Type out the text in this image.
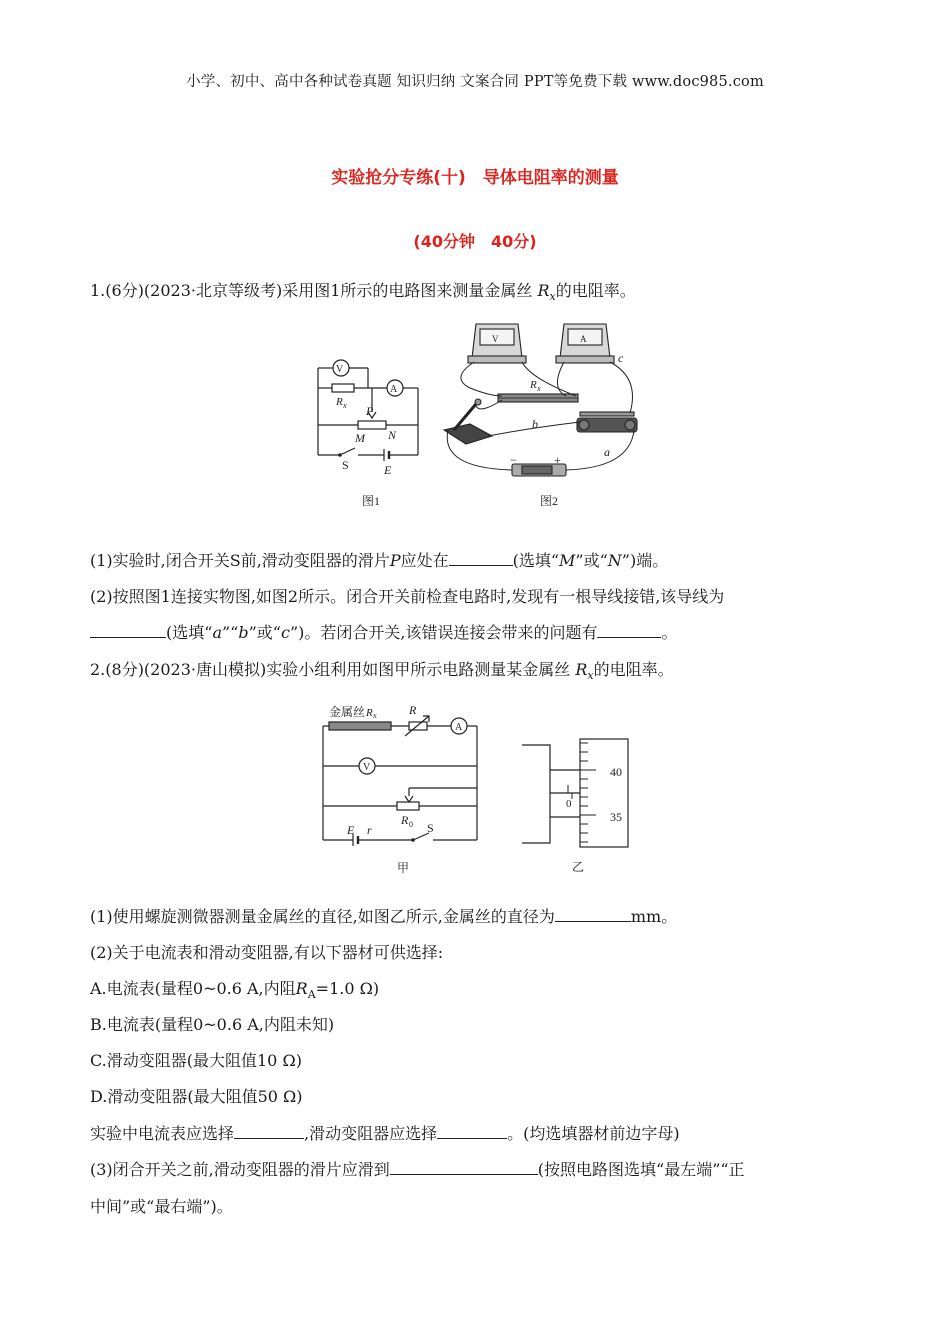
小学、初中、高中各种试卷真题 知识归纳 文案合同 PPT等免费下载 www.doc985.com
实验抢分专练(十)　导体电阻率的测量
(40分钟　40分)
1.(6分)(2023·北京等级考)采用图1所示的电路图来测量金属丝 $R_x$的电阻率。
V
A
R x P
M N
S	E
图1
V	A
R x
c
b
a
−	+
图2
(1)实验时,闭合开关S前,滑动变阻器的滑片P应处在	(选填“M”或“N”)端。
(2)按照图1连接实物图,如图2所示。闭合开关前检查电路时,发现有一根导线接错,该导线为
(选填“a”“b”或“c”)。若闭合开关,该错误连接会带来的问题有	。
2.(8分)(2023·唐山模拟)实验小组利用如图甲所示电路测量某金属丝 $R_x$的电阻率。
金属丝 R x	R
A
V
R 0
E r	S
甲
40
35
0
乙
(1)使用螺旋测微器测量金属丝的直径,如图乙所示,金属丝的直径为	mm。
(2)关于电流表和滑动变阻器,有以下器材可供选择:
A.电流表(量程0~0.6 A,内阻$R_A=1.0$ Ω)
B.电流表(量程0~0.6 A,内阻未知)
C.滑动变阻器(最大阻值10 Ω)
D.滑动变阻器(最大阻值50 Ω)
实验中电流表应选择	,滑动变阻器应选择	。(均选填器材前边字母)
(3)闭合开关之前,滑动变阻器的滑片应滑到	(按照电路图选填“最左端”“正
中间”或“最右端”)。
